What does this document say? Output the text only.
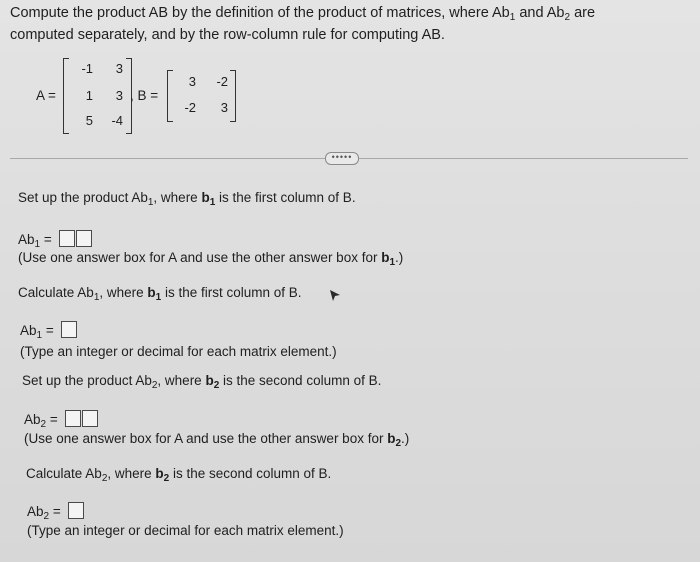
Compute the product AB by the definition of the product of matrices, where $Ab_1$ and $Ab_2$ are
computed separately, and by the row-column rule for computing AB.
A =
-1	3
1	3
5	-4
, B =
3	-2
-2	3
•••••
Set up the product $Ab_1$, where $b_1$ is the first column of B.
$Ab_1$ =
(Use one answer box for A and use the other answer box for $b_1$.)
Calculate $Ab_1$, where $b_1$ is the first column of B.
$Ab_1$ =
(Type an integer or decimal for each matrix element.)
Set up the product $Ab_2$, where $b_2$ is the second column of B.
$Ab_2$ =
(Use one answer box for A and use the other answer box for $b_2$.)
Calculate $Ab_2$, where $b_2$ is the second column of B.
$Ab_2$ =
(Type an integer or decimal for each matrix element.)
